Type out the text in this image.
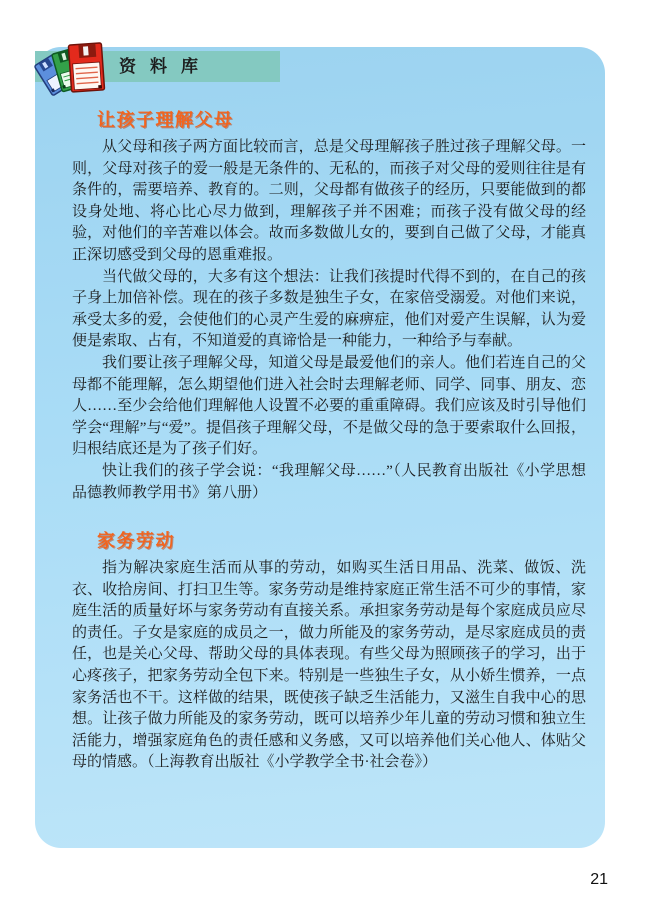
让孩子理解父母

从父母和孩子两方面比较而言，总是父母理解孩子胜过孩子理解父母。一则，父母对孩子的爱一般是无条件的、无私的，而孩子对父母的爱则往往是有条件的，需要培养、教育的。二则，父母都有做孩子的经历，只要能做到的都设身处地、将心比心尽力做到，理解孩子并不困难；而孩子没有做父母的经验，对他们的辛苦难以体会。故而多数做儿女的，要到自己做了父母，才能真正深切感受到父母的恩重难报。

当代做父母的，大多有这个想法：让我们孩提时代得不到的，在自己的孩子身上加倍补偿。现在的孩子多数是独生子女，在家倍受溺爱。对他们来说，承受太多的爱，会使他们的心灵产生爱的麻痹症，他们对爱产生误解，认为爱便是索取、占有，不知道爱的真谛恰是一种能力，一种给予与奉献。

我们要让孩子理解父母，知道父母是最爱他们的亲人。他们若连自己的父母都不能理解，怎么期望他们进入社会时去理解老师、同学、同事、朋友、恋人……至少会给他们理解他人设置不必要的重重障碍。我们应该及时引导他们学会“理解”与“爱”。提倡孩子理解父母，不是做父母的急于要索取什么回报，归根结底还是为了孩子们好。

快让我们的孩子学会说：“我理解父母……”（人民教育出版社《小学思想品德教师教学用书》第八册）

家务劳动

指为解决家庭生活而从事的劳动，如购买生活日用品、洗菜、做饭、洗衣、收拾房间、打扫卫生等。家务劳动是维持家庭正常生活不可少的事情，家庭生活的质量好坏与家务劳动有直接关系。承担家务劳动是每个家庭成员应尽的责任。子女是家庭的成员之一，做力所能及的家务劳动，是尽家庭成员的责任，也是关心父母、帮助父母的具体表现。有些父母为照顾孩子的学习，出于心疼孩子，把家务劳动全包下来。特别是一些独生子女，从小娇生惯养，一点家务活也不干。这样做的结果，既使孩子缺乏生活能力，又滋生自我中心的思想。让孩子做力所能及的家务劳动，既可以培养少年儿童的劳动习惯和独立生活能力，增强家庭角色的责任感和义务感，又可以培养他们关心他人、体贴父母的情感。（上海教育出版社《小学教学全书·社会卷》）

资料库
21
